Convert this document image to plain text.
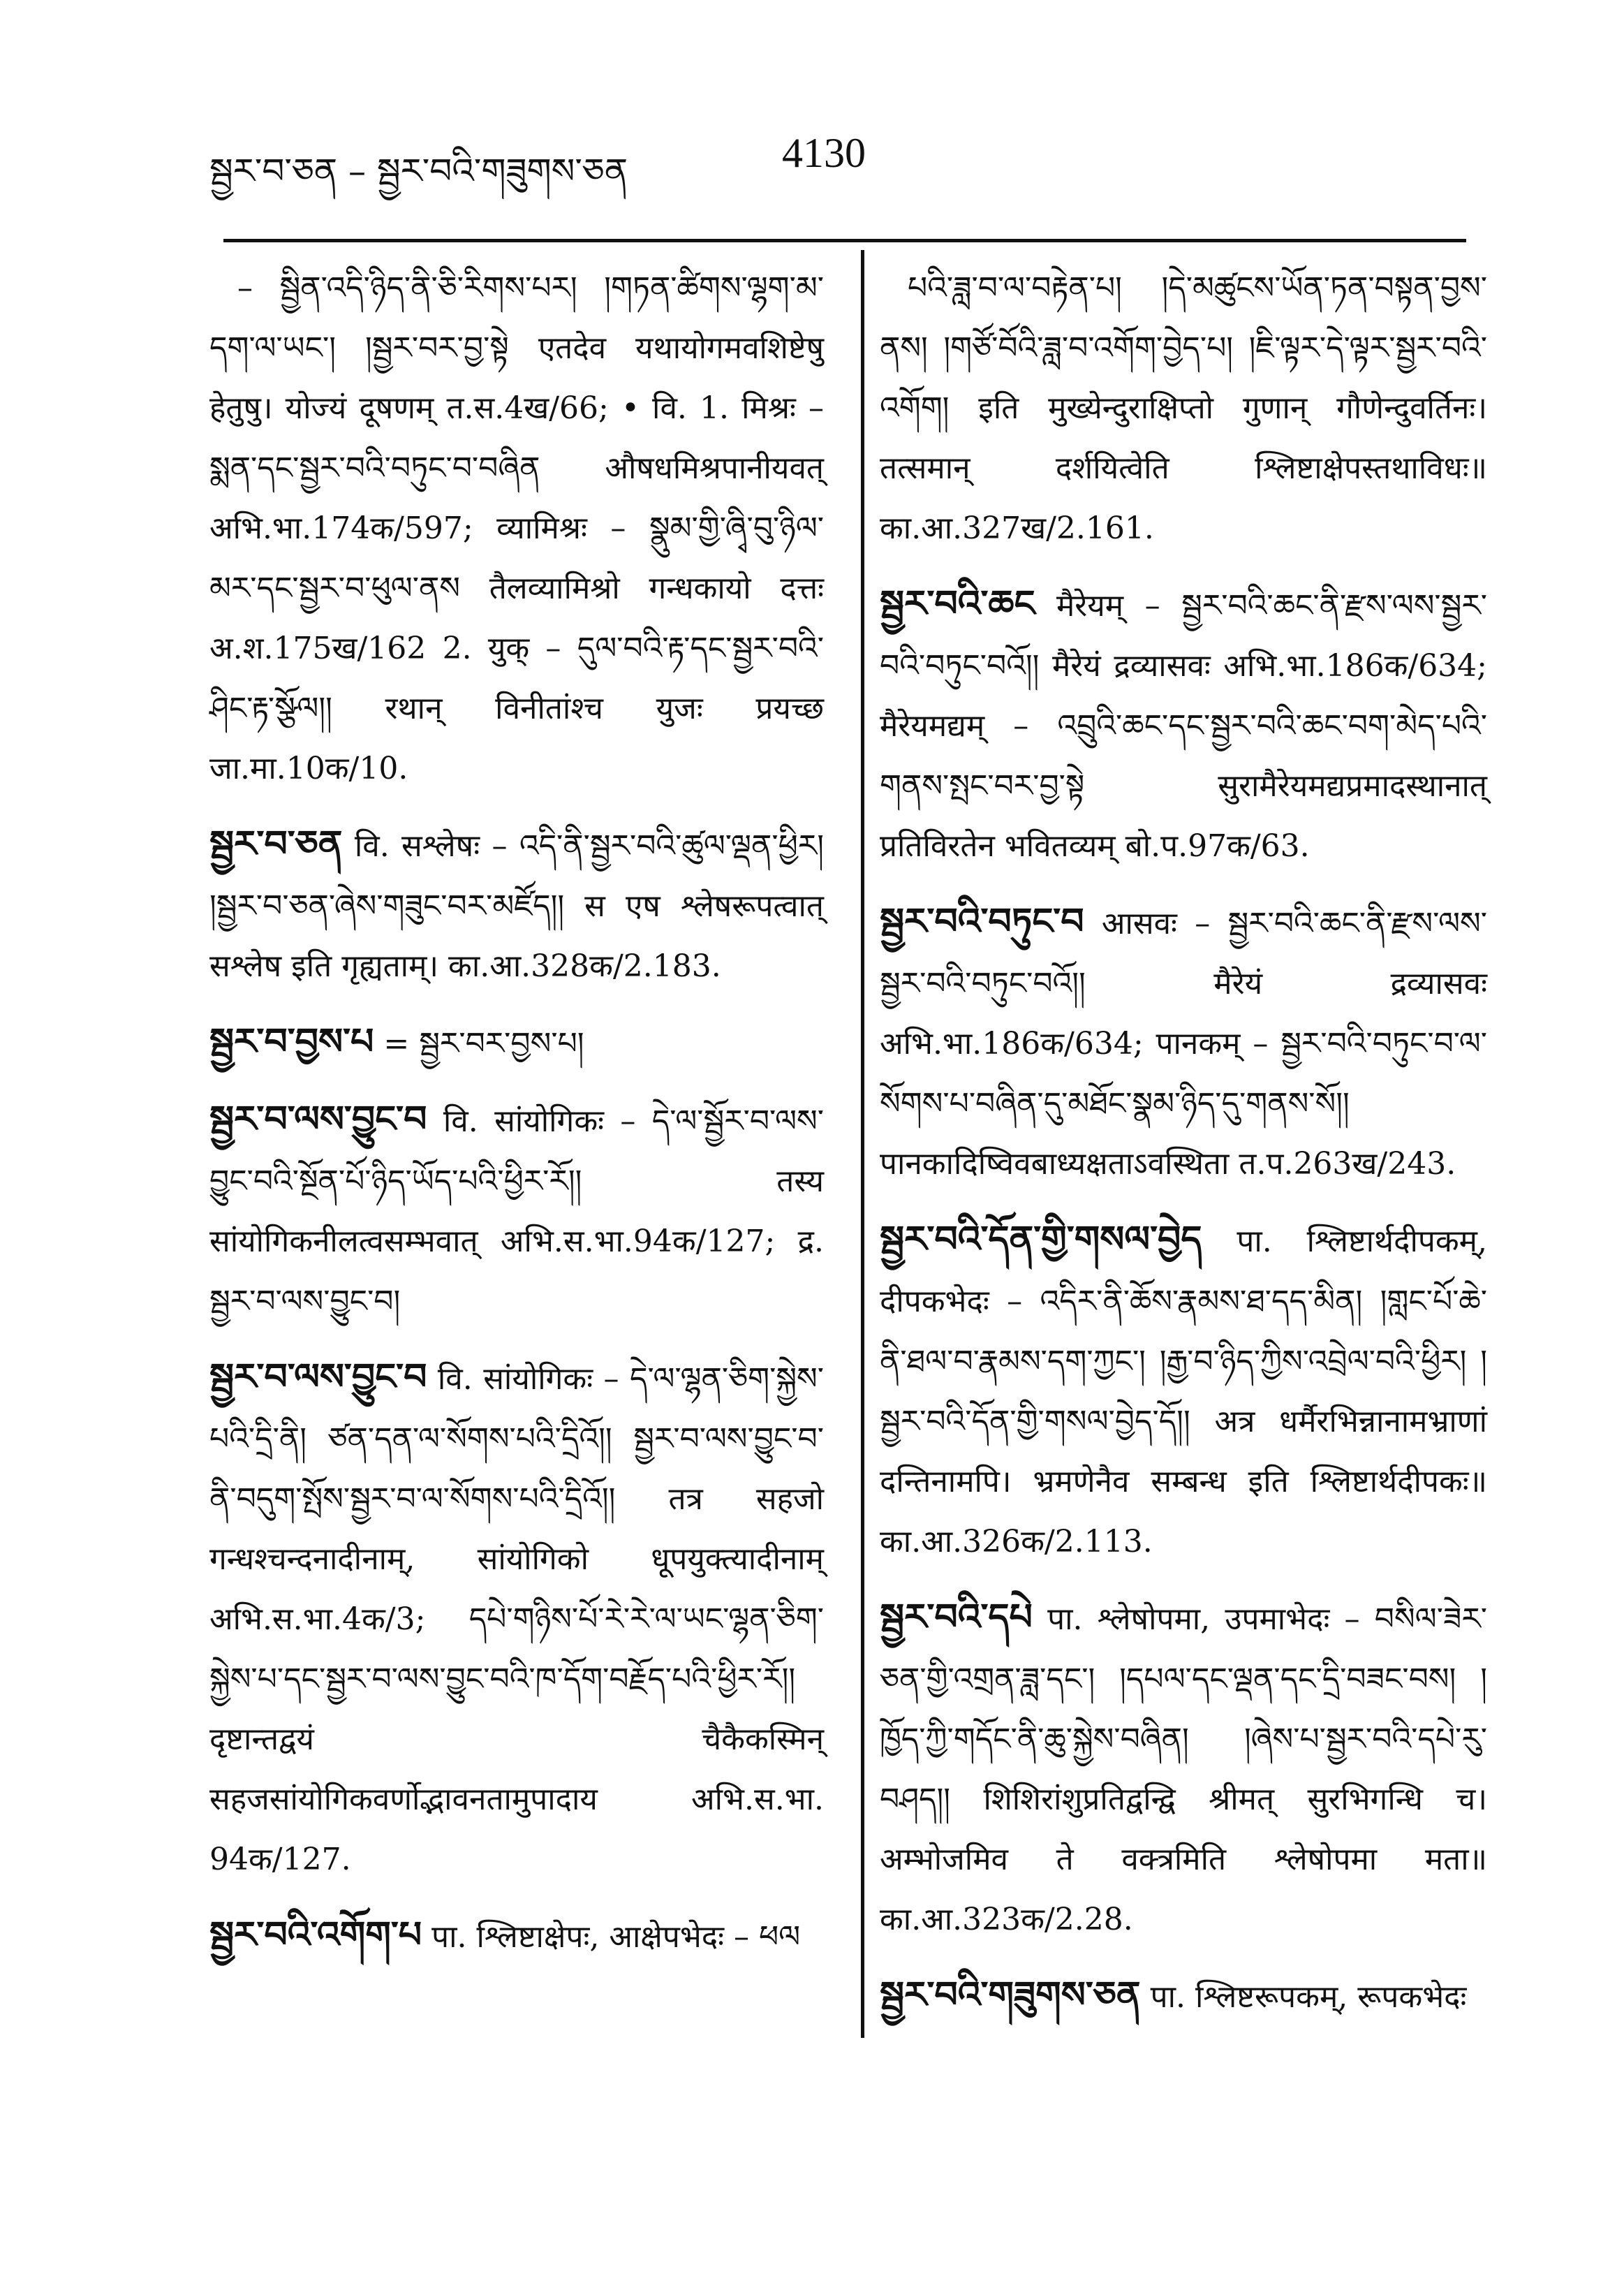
སྦྱར་བ་ཅན – སྦྱར་བའི་གཟུགས་ཅན	4130

– སྦྱིན་འདི་ཉིད་ནི་ཅི་རིགས་པར། །གཏན་ཚིགས་ལྷག་མ་དག་ལ་ཡང་། །སྦྱར་བར་བྱ་སྟེ एतदेव यथायोगमवशिष्टेषु हेतुषु। योज्यं दूषणम् त.स.4ख/66; • वि. 1. मिश्रः – སྨན་དང་སྦྱར་བའི་བཏུང་བ་བཞིན औषधमिश्रपानीयवत् अभि.भा.174क/597; व्यामिश्रः – སྣུམ་གྱི་ཞྭི་བུ་ཉིལ་མར་དང་སྦྱར་བ་ཕུལ་ནས तैलव्यामिश्रो गन्धकायो दत्तः अ.श.175ख/162 2. युक् – དུལ་བའི་རྟ་དང་སྦྱར་བའི་ཤིང་རྟ་སྩོལ།། रथान् विनीतांश्च युजः प्रयच्छ जा.मा.10क/10.

སྦྱར་བ་ཅན वि. सश्लेषः – འདི་ནི་སྦྱར་བའི་ཚུལ་ལྡན་ཕྱིར། །སྦྱར་བ་ཅན་ཞེས་གཟུང་བར་མཛོད།། स एष श्लेषरूपत्वात् सश्लेष इति गृह्यताम्। का.आ.328क/2.183.

སྦྱར་བ་བྱས་པ = སྦྱར་བར་བྱས་པ།

སྦྱར་བ་ལས་བྱུང་བ वि. सांयोगिकः – དེ་ལ་སྦྱོར་བ་ལས་བྱུང་བའི་སྔོན་པོ་ཉིད་ཡོད་པའི་ཕྱིར་རོ།། तस्य सांयोगिकनीलत्वसम्भवात् अभि.स.भा.94क/127; द्र. སྦྱར་བ་ལས་བྱུང་བ།

སྦྱར་བ་ལས་བྱུང་བ वि. सांयोगिकः – དེ་ལ་ལྷན་ཅིག་སྐྱེས་པའི་དྲི་ནི། ཙན་དན་ལ་སོགས་པའི་དྲིའོ།། སྦྱར་བ་ལས་བྱུང་བ་ནི་བདུག་སྤོས་སྦྱར་བ་ལ་སོགས་པའི་དྲིའོ།། तत्र सहजो गन्धश्चन्दनादीनाम्, सांयोगिको धूपयुक्त्यादीनाम् अभि.स.भा.4क/3; དཔེ་གཉིས་པོ་རེ་རེ་ལ་ཡང་ལྷན་ཅིག་སྐྱེས་པ་དང་སྦྱར་བ་ལས་བྱུང་བའི་ཁ་དོག་བརྗོད་པའི་ཕྱིར་རོ།། दृष्टान्तद्वयं चैकैकस्मिन् सहजसांयोगिकवर्णोद्भावनतामुपादाय अभि.स.भा. 94क/127.

སྦྱར་བའི་འགོག་པ पा. श्लिष्टाक्षेपः, आक्षेपभेदः – ཕལ

པའི་ཟླ་བ་ལ་བརྟེན་པ། །དེ་མཚུངས་ཡོན་ཏན་བསྟན་བྱས་ནས། །གཙོ་བོའི་ཟླ་བ་འགོག་བྱེད་པ། །ཇི་ལྟར་དེ་ལྟར་སྦྱར་བའི་འགོག། इति मुख्येन्दुराक्षिप्तो गुणान् गौणेन्दुवर्तिनः। तत्समान् दर्शयित्वेति श्लिष्टाक्षेपस्तथाविधः॥ का.आ.327ख/2.161.

སྦྱར་བའི་ཆང मैरेयम् – སྦྱར་བའི་ཆང་ནི་རྫས་ལས་སྦྱར་བའི་བཏུང་བའོ།། मैरेयं द्रव्यासवः अभि.भा.186क/634; मैरेयमद्यम् – འབྲུའི་ཆང་དང་སྦྱར་བའི་ཆང་བག་མེད་པའི་གནས་སྤང་བར་བྱ་སྟེ सुरामैरेयमद्यप्रमादस्थानात् प्रतिविरतेन भवितव्यम् बो.प.97क/63.

སྦྱར་བའི་བཏུང་བ आसवः – སྦྱར་བའི་ཆང་ནི་རྫས་ལས་སྦྱར་བའི་བཏུང་བའོ།། मैरेयं द्रव्यासवः अभि.भा.186क/634; पानकम् – སྦྱར་བའི་བཏུང་བ་ལ་སོགས་པ་བཞིན་དུ་མཐོང་སྣམ་ཉིད་དུ་གནས་སོ།། पानकादिष्विवबाध्यक्षताऽवस्थिता त.प.263ख/243.

སྦྱར་བའི་དོན་གྱི་གསལ་བྱེད पा. श्लिष्टार्थदीपकम्, दीपकभेदः – འདིར་ནི་ཆོས་རྣམས་ཐ་དད་མིན། །གླང་པོ་ཆེ་ནི་ཐལ་བ་རྣམས་དག་ཀྱང་། །རྒྱ་བ་ཉིད་ཀྱིས་འབྲེལ་བའི་ཕྱིར། །སྦྱར་བའི་དོན་གྱི་གསལ་བྱེད་དོ།། अत्र धर्मैरभिन्नानामभ्राणां दन्तिनामपि। भ्रमणेनैव सम्बन्ध इति श्लिष्टार्थदीपकः॥ का.आ.326क/2.113.

སྦྱར་བའི་དཔེ पा. श्लेषोपमा, उपमाभेदः – བསིལ་ཟེར་ཅན་གྱི་འགྲན་ཟླ་དང་། །དཔལ་དང་ལྡན་དང་དྲི་བཟང་བས། །ཁྱོད་ཀྱི་གདོང་ནི་ཆུ་སྐྱེས་བཞིན། །ཞེས་པ་སྦྱར་བའི་དཔེ་རུ་བཤད།། शिशिरांशुप्रतिद्वन्द्वि श्रीमत् सुरभिगन्धि च। अम्भोजमिव ते वक्त्रमिति श्लेषोपमा मता॥ का.आ.323क/2.28.

སྦྱར་བའི་གཟུགས་ཅན पा. श्लिष्टरूपकम्, रूपकभेदः
